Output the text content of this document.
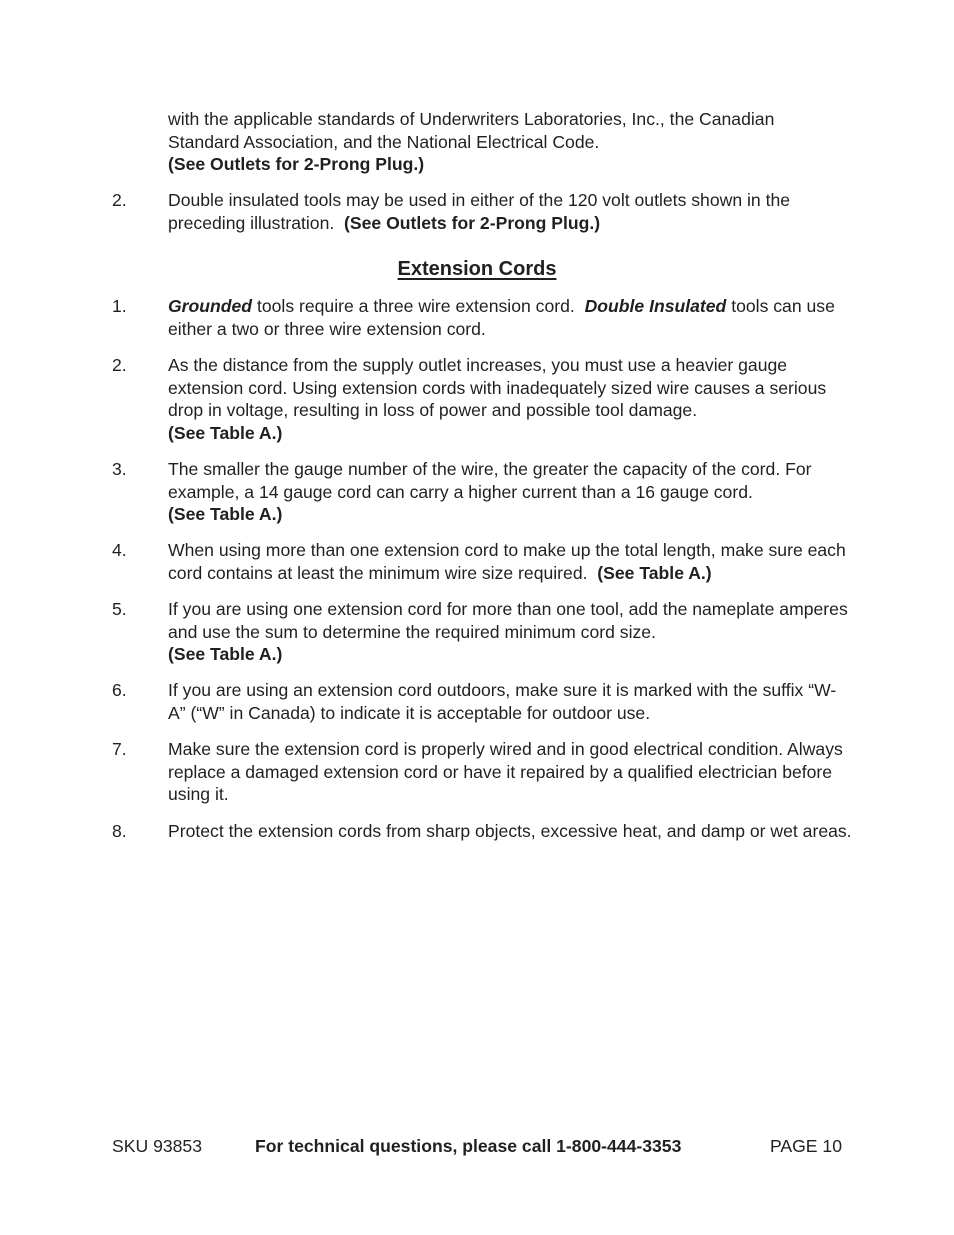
with the applicable standards of Underwriters Laboratories, Inc., the Canadian Standard Association, and the National Electrical Code.
(See Outlets for 2-Prong Plug.)
2.	Double insulated tools may be used in either of the 120 volt outlets shown in the preceding illustration. (See Outlets for 2-Prong Plug.)
Extension Cords
1.	Grounded tools require a three wire extension cord.  Double Insulated tools can use either a two or three wire extension cord.
2.	As the distance from the supply outlet increases, you must use a heavier gauge extension cord. Using extension cords with inadequately sized wire causes a serious drop in voltage, resulting in loss of power and possible tool damage.
(See Table A.)
3.	The smaller the gauge number of the wire, the greater the capacity of the cord. For example, a 14 gauge cord can carry a higher current than a 16 gauge cord.
(See Table A.)
4.	When using more than one extension cord to make up the total length, make sure each cord contains at least the minimum wire size required. (See Table A.)
5.	If you are using one extension cord for more than one tool, add the nameplate amperes and use the sum to determine the required minimum cord size.
(See Table A.)
6.	If you are using an extension cord outdoors, make sure it is marked with the suffix “W-A” (“W” in Canada) to indicate it is acceptable for outdoor use.
7.	Make sure the extension cord is properly wired and in good electrical condition. Always replace a damaged extension cord or have it repaired by a qualified electrician before using it.
8.	Protect the extension cords from sharp objects, excessive heat, and damp or wet areas.
SKU 93853	For technical questions, please call 1-800-444-3353	PAGE 10
